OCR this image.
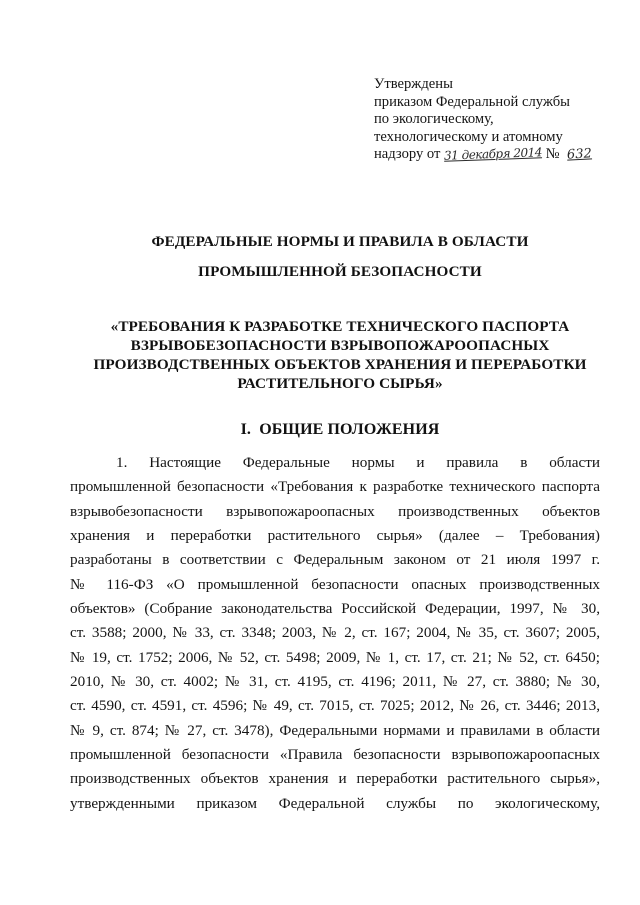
Утверждены
приказом Федеральной службы
по экологическому,
технологическому и атомному
надзору от 31 декабря 2014 № 632
ФЕДЕРАЛЬНЫЕ НОРМЫ И ПРАВИЛА В ОБЛАСТИ
ПРОМЫШЛЕННОЙ БЕЗОПАСНОСТИ
«ТРЕБОВАНИЯ К РАЗРАБОТКЕ ТЕХНИЧЕСКОГО ПАСПОРТА
ВЗРЫВОБЕЗОПАСНОСТИ ВЗРЫВОПОЖАРООПАСНЫХ
ПРОИЗВОДСТВЕННЫХ ОБЪЕКТОВ ХРАНЕНИЯ И ПЕРЕРАБОТКИ
РАСТИТЕЛЬНОГО СЫРЬЯ»
I.  ОБЩИЕ ПОЛОЖЕНИЯ
1. Настоящие Федеральные нормы и правила в области
промышленной безопасности «Требования к разработке технического паспорта
взрывобезопасности взрывопожароопасных производственных объектов
хранения и переработки растительного сырья» (далее – Требования)
разработаны в соответствии с Федеральным законом от 21 июля 1997 г.
№ 116-ФЗ «О промышленной безопасности опасных производственных
объектов» (Собрание законодательства Российской Федерации, 1997, № 30,
ст. 3588; 2000, № 33, ст. 3348; 2003, № 2, ст. 167; 2004, № 35, ст. 3607; 2005,
№ 19, ст. 1752; 2006, № 52, ст. 5498; 2009, № 1, ст. 17, ст. 21; № 52, ст. 6450;
2010, № 30, ст. 4002; № 31, ст. 4195, ст. 4196; 2011, № 27, ст. 3880; № 30,
ст. 4590, ст. 4591, ст. 4596; № 49, ст. 7015, ст. 7025; 2012, № 26, ст. 3446; 2013,
№ 9, ст. 874; № 27, ст. 3478), Федеральными нормами и правилами в области
промышленной безопасности «Правила безопасности взрывопожароопасных
производственных объектов хранения и переработки растительного сырья»,
утвержденными приказом Федеральной службы по экологическому,
